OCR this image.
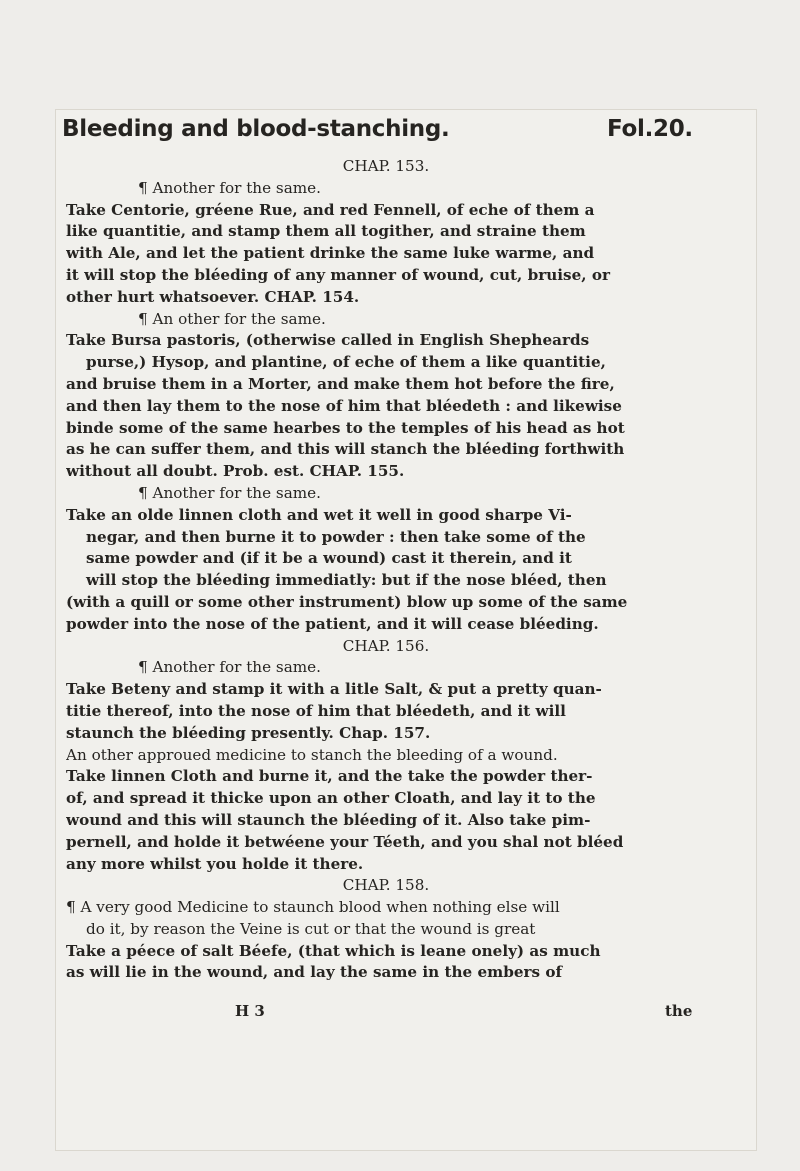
Bleeding and blood-stanching.	Fol.20.
CHAP. 153.
¶ Another for the same.
Take Centorie, gréene Rue, and red Fennell, of eche of them a
like quantitie, and stamp them all togither, and straine them
with Ale, and let the patient drinke the same luke warme, and
it will stop the bléeding of any manner of wound, cut, bruise, or
other hurt whatsoever. CHAP. 154.
¶ An other for the same.
Take Bursa pastoris, (otherwise called in English Shepheards
purse,) Hysop, and plantine, of eche of them a like quantitie,
and bruise them in a Morter, and make them hot before the fire,
and then lay them to the nose of him that bléedeth : and likewise
binde some of the same hearbes to the temples of his head as hot
as he can suffer them, and this will stanch the bléeding forthwith
without all doubt. Prob. est. CHAP. 155.
¶ Another for the same.
Take an olde linnen cloth and wet it well in good sharpe Vi-
negar, and then burne it to powder : then take some of the
same powder and (if it be a wound) cast it therein, and it
will stop the bléeding immediatly: but if the nose bléed, then
(with a quill or some other instrument) blow up some of the same
powder into the nose of the patient, and it will cease bléeding.
CHAP. 156.
¶ Another for the same.
Take Beteny and stamp it with a litle Salt, & put a pretty quan-
titie thereof, into the nose of him that bléedeth, and it will
staunch the bléeding presently. Chap. 157.
An other approued medicine to stanch the bleeding of a wound.
Take linnen Cloth and burne it, and the take the powder ther-
of, and spread it thicke upon an other Cloath, and lay it to the
wound and this will staunch the bléeding of it. Also take pim-
pernell, and holde it betwéene your Téeth, and you shal not bléed
any more whilst you holde it there.
CHAP. 158.
¶ A very good Medicine to staunch blood when nothing else will
do it, by reason the Veine is cut or that the wound is great
Take a péece of salt Béefe, (that which is leane onely) as much
as will lie in the wound, and lay the same in the embers of
H 3	the
